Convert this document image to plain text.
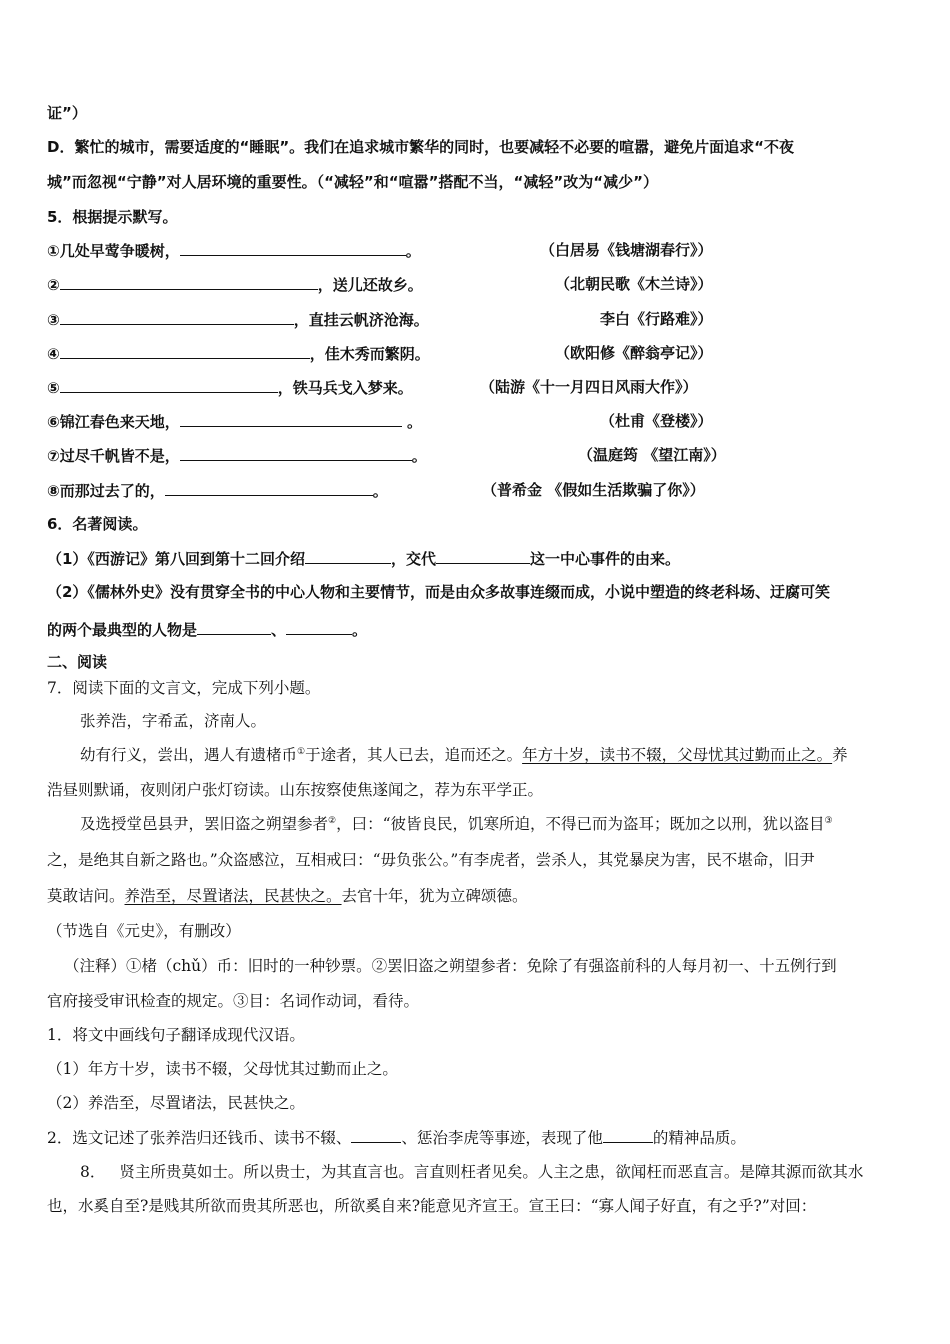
证”）
D．繁忙的城市，需要适度的“睡眠”。我们在追求城市繁华的同时，也要减轻不必要的喧嚣，避免片面追求“不夜
城”而忽视“宁静”对人居环境的重要性。（“减轻”和“喧嚣”搭配不当，“减轻”改为“减少”）
5．根据提示默写。
①几处早莺争暖树，	。	（白居易《钱塘湖春行》）
②	，送儿还故乡。	（北朝民歌《木兰诗》）
③	，直挂云帆济沧海。	李白《行路难》）
④	，佳木秀而繁阴。	（欧阳修《醉翁亭记》）
⑤	，铁马兵戈入梦来。	（陆游《十一月四日风雨大作》）
⑥锦江春色来天地，	。	（杜甫《登楼》）
⑦过尽千帆皆不是，	。	（温庭筠 《望江南》）
⑧而那过去了的，	。	（普希金 《假如生活欺骗了你》）
6．名著阅读。
（1）《西游记》第八回到第十二回介绍	，交代	这一中心事件的由来。
（2）《儒林外史》没有贯穿全书的中心人物和主要情节，而是由众多故事连缀而成，小说中塑造的终老科场、迂腐可笑
的两个最典型的人物是	、	。
二、阅读
7．阅读下面的文言文，完成下列小题。
张养浩，字希孟，济南人。
幼有行义，尝出，遇人有遗楮币①于途者，其人已去，追而还之。年方十岁，读书不辍，父母忧其过勤而止之。养
浩昼则默诵，夜则闭户张灯窃读。山东按察使焦遂闻之，荐为东平学正。
及选授堂邑县尹，罢旧盗之朔望参者②，曰：“彼皆良民，饥寒所迫，不得已而为盗耳；既加之以刑，犹以盗目③
之，是绝其自新之路也。”众盗感泣，互相戒曰：“毋负张公。”有李虎者，尝杀人，其党暴戾为害，民不堪命，旧尹
莫敢诘问。养浩至，尽置诸法，民甚快之。去官十年，犹为立碑颂德。
（节选自《元史》，有删改）
（注释）①楮（chǔ）币：旧时的一种钞票。②罢旧盗之朔望参者：免除了有强盗前科的人每月初一、十五例行到
官府接受审讯检查的规定。③目：名词作动词，看待。
1．将文中画线句子翻译成现代汉语。
（1）年方十岁，读书不辍，父母忧其过勤而止之。
（2）养浩至，尽置诸法，民甚快之。
2．选文记述了张养浩归还钱币、读书不辍、	、惩治李虎等事迹，表现了他	的精神品质。
8． 贤主所贵莫如士。所以贵士，为其直言也。言直则枉者见矣。人主之患，欲闻枉而恶直言。是障其源而欲其水
也，水奚自至?是贱其所欲而贵其所恶也，所欲奚自来?能意见齐宣王。宣王曰：“寡人闻子好直，有之乎?”对回：
